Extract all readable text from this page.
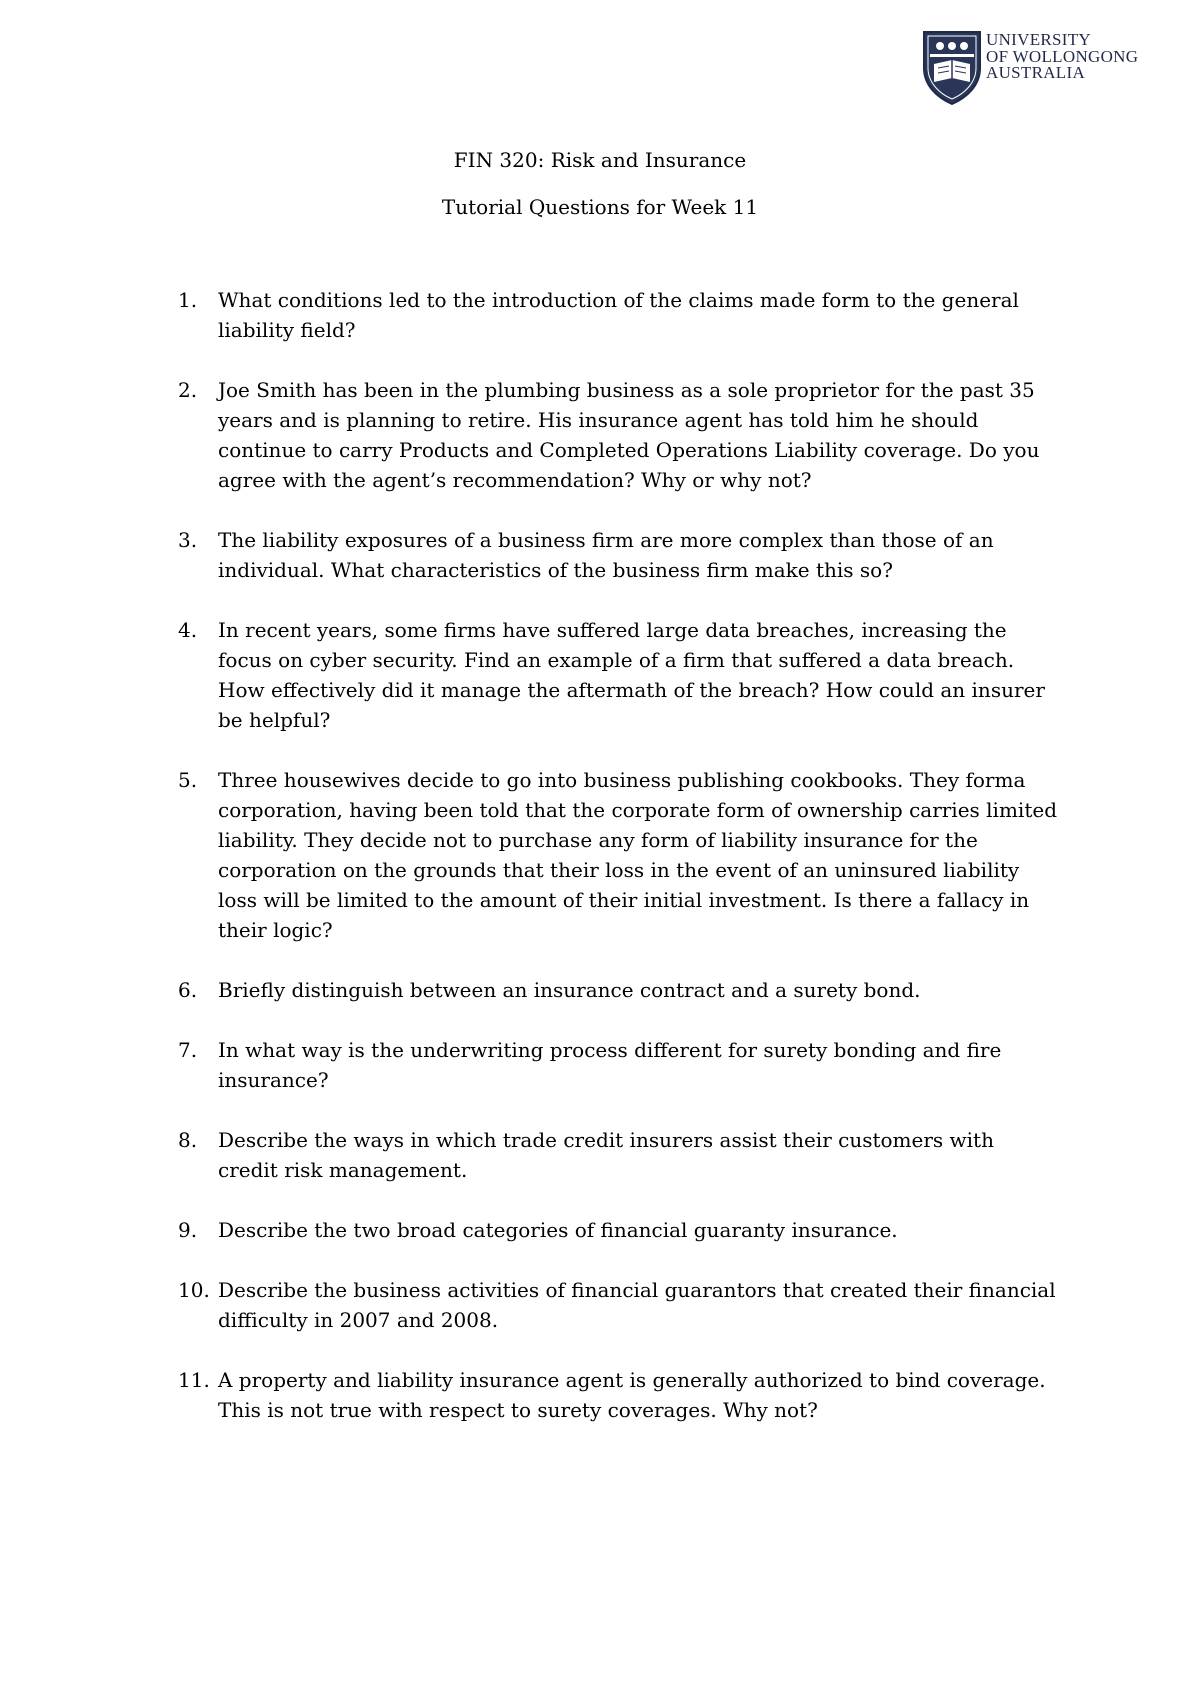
UNIVERSITY
OF WOLLONGONG
AUSTRALIA
FIN 320: Risk and Insurance
Tutorial Questions for Week 11
1. What conditions led to the introduction of the claims made form to the general liability field?
2. Joe Smith has been in the plumbing business as a sole proprietor for the past 35 years and is planning to retire. His insurance agent has told him he should continue to carry Products and Completed Operations Liability coverage. Do you agree with the agent’s recommendation? Why or why not?
3. The liability exposures of a business firm are more complex than those of an individual. What characteristics of the business firm make this so?
4. In recent years, some firms have suffered large data breaches, increasing the focus on cyber security. Find an example of a firm that suffered a data breach. How effectively did it manage the aftermath of the breach? How could an insurer be helpful?
5. Three housewives decide to go into business publishing cookbooks. They forma corporation, having been told that the corporate form of ownership carries limited liability. They decide not to purchase any form of liability insurance for the corporation on the grounds that their loss in the event of an uninsured liability loss will be limited to the amount of their initial investment. Is there a fallacy in their logic?
6. Briefly distinguish between an insurance contract and a surety bond.
7. In what way is the underwriting process different for surety bonding and fire insurance?
8. Describe the ways in which trade credit insurers assist their customers with credit risk management.
9. Describe the two broad categories of financial guaranty insurance.
10. Describe the business activities of financial guarantors that created their financial difficulty in 2007 and 2008.
11. A property and liability insurance agent is generally authorized to bind coverage. This is not true with respect to surety coverages. Why not?
